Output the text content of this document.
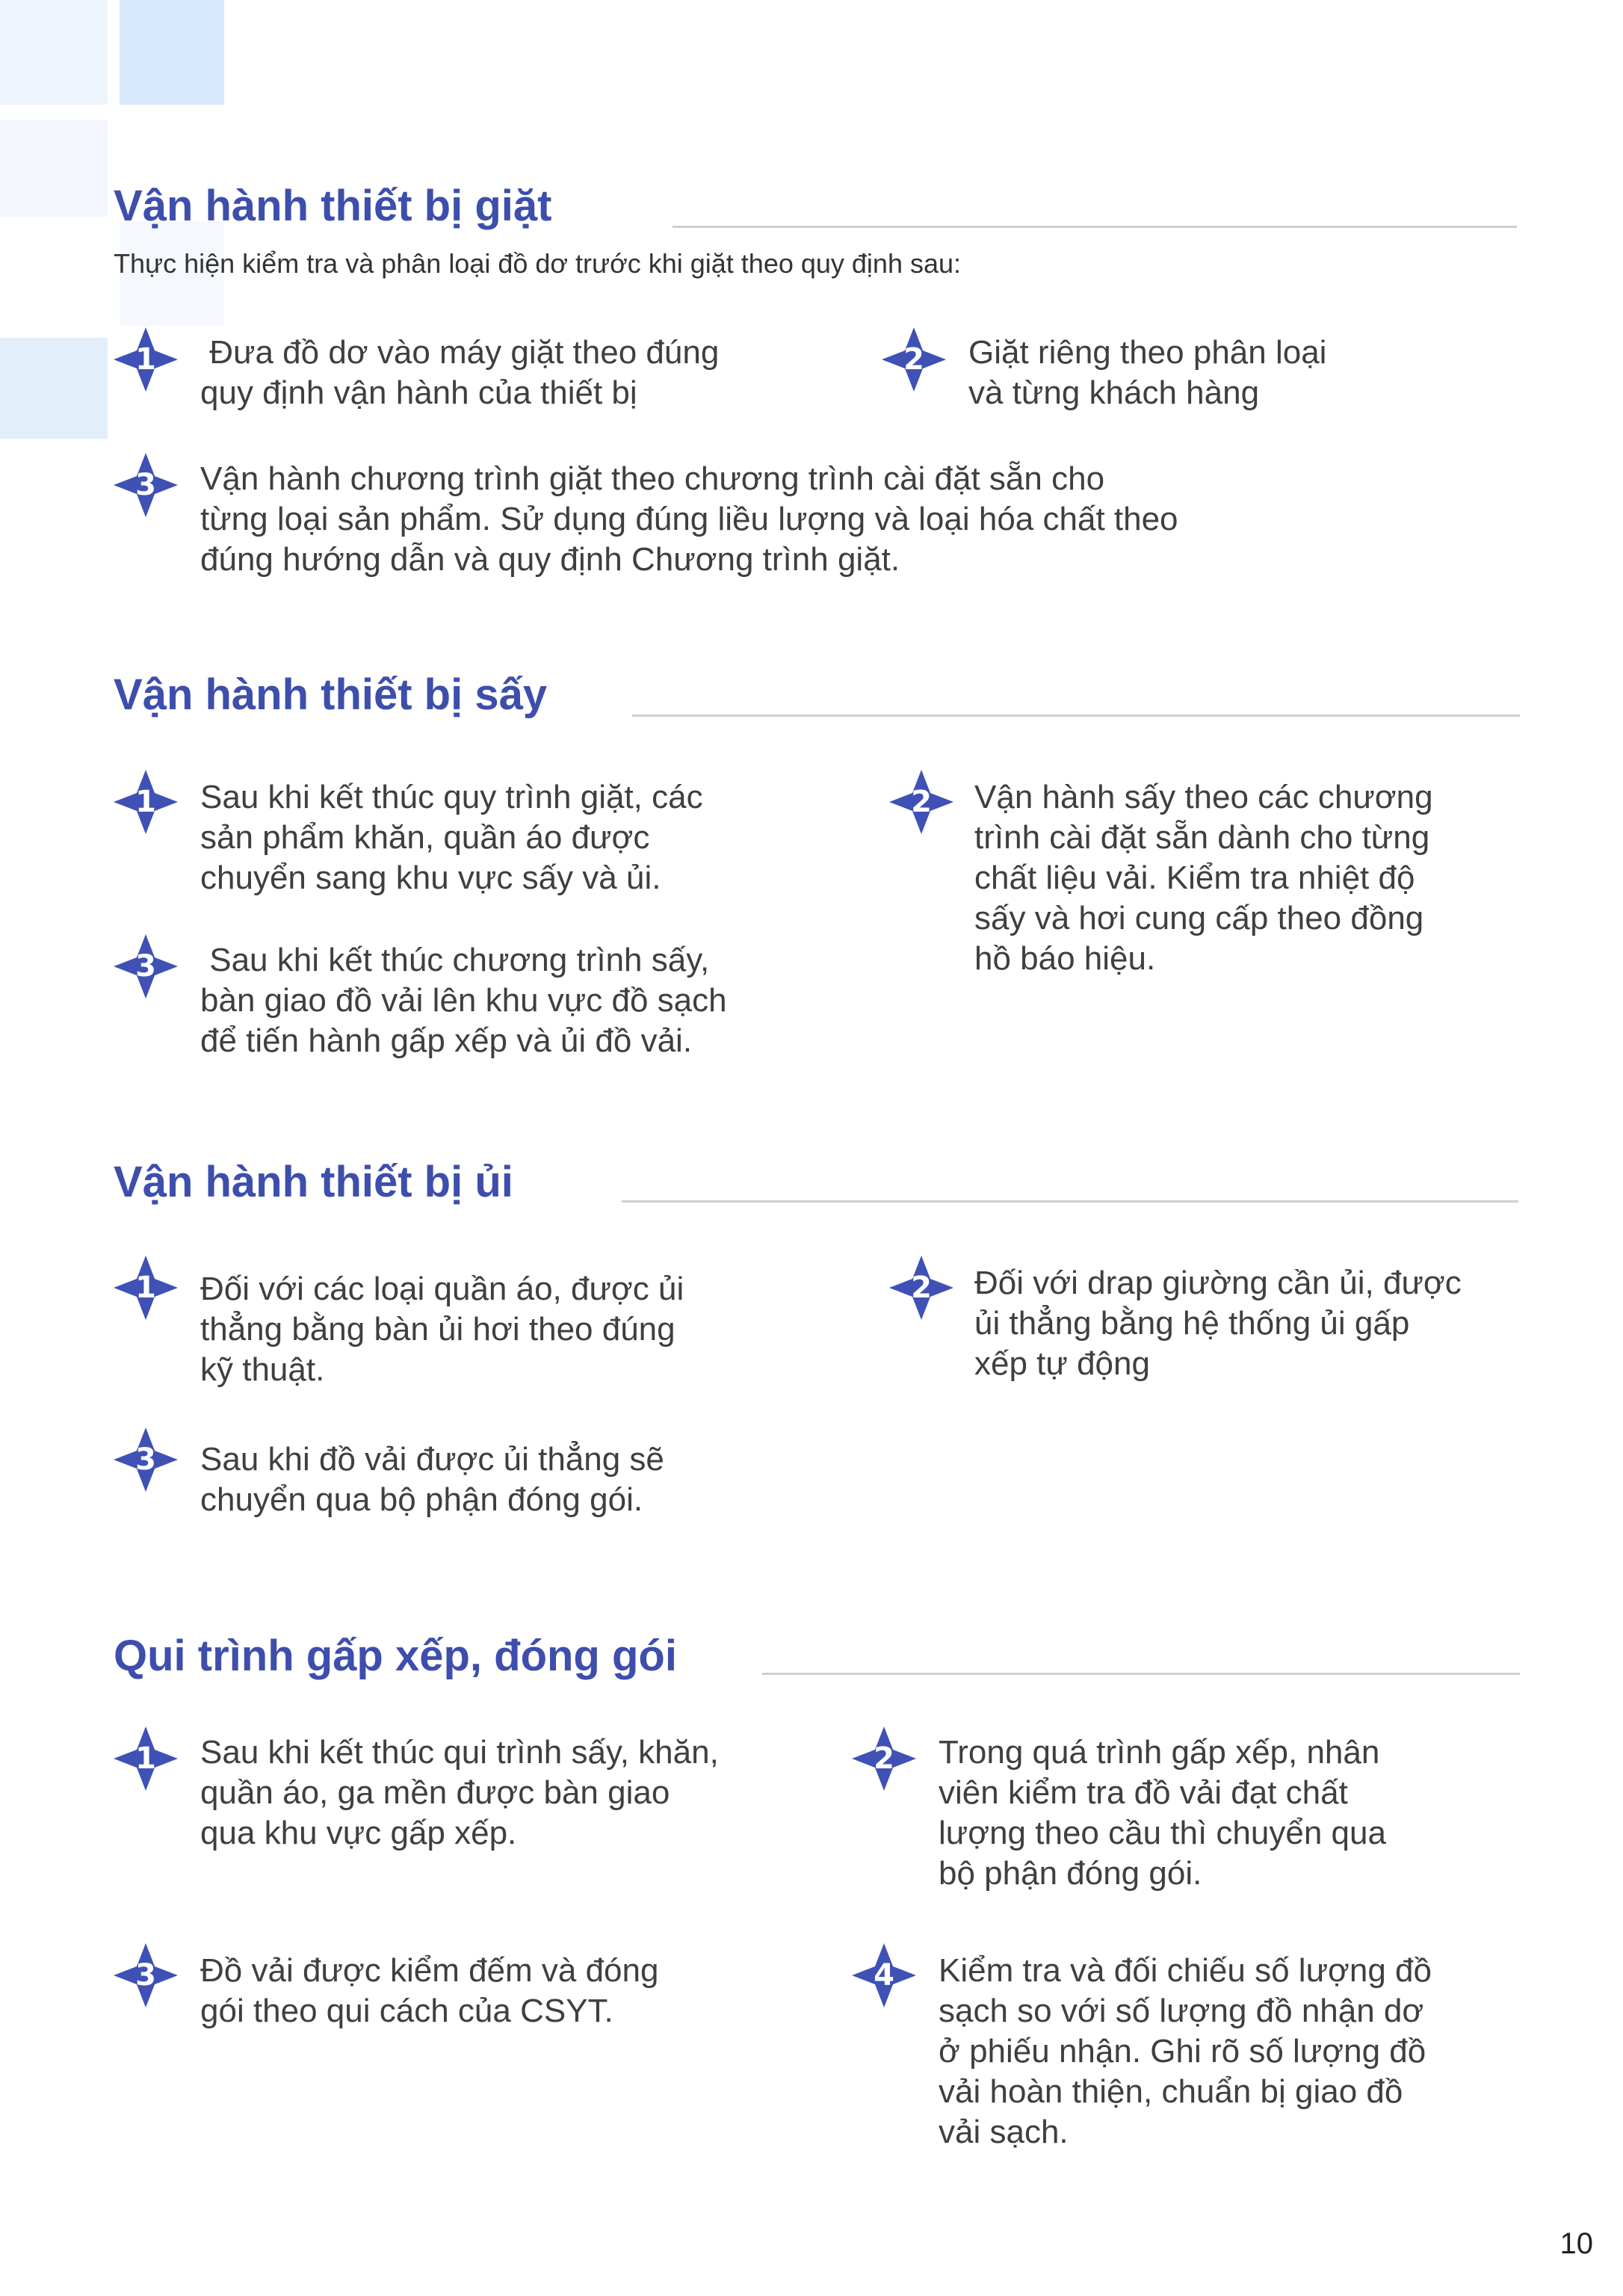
Vận hành thiết bị giặt
Thực hiện kiểm tra và phân loại đồ dơ trước khi giặt theo quy định sau:
1	Đưa đồ dơ vào máy giặt theo đúng
quy định vận hành của thiết bị
2	Giặt riêng theo phân loại
và từng khách hàng
3	Vận hành chương trình giặt theo chương trình cài đặt sẵn cho
từng loại sản phẩm. Sử dụng đúng liều lượng và loại hóa chất theo
đúng hướng dẫn và quy định Chương trình giặt.
Vận hành thiết bị sấy
1	Sau khi kết thúc quy trình giặt, các
sản phẩm khăn, quần áo được
chuyển sang khu vực sấy và ủi.
2	Vận hành sấy theo các chương
trình cài đặt sẵn dành cho từng
chất liệu vải. Kiểm tra nhiệt độ
sấy và hơi cung cấp theo đồng
hồ báo hiệu.
3	Sau khi kết thúc chương trình sấy,
bàn giao đồ vải lên khu vực đồ sạch
để tiến hành gấp xếp và ủi đồ vải.
Vận hành thiết bị ủi
1	Đối với các loại quần áo, được ủi
thẳng bằng bàn ủi hơi theo đúng
kỹ thuật.
2	Đối với drap giường cần ủi, được
ủi thẳng bằng hệ thống ủi gấp
xếp tự động
3	Sau khi đồ vải được ủi thẳng sẽ
chuyển qua bộ phận đóng gói.
Qui trình gấp xếp, đóng gói
1	Sau khi kết thúc qui trình sấy, khăn,
quần áo, ga mền được bàn giao
qua khu vực gấp xếp.
2	Trong quá trình gấp xếp, nhân
viên kiểm tra đồ vải đạt chất
lượng theo cầu thì chuyển qua
bộ phận đóng gói.
3	Đồ vải được kiểm đếm và đóng
gói theo qui cách của CSYT.
4	Kiểm tra và đối chiếu số lượng đồ
sạch so với số lượng đồ nhận dơ
ở phiếu nhận. Ghi rõ số lượng đồ
vải hoàn thiện, chuẩn bị giao đồ
vải sạch.
10
